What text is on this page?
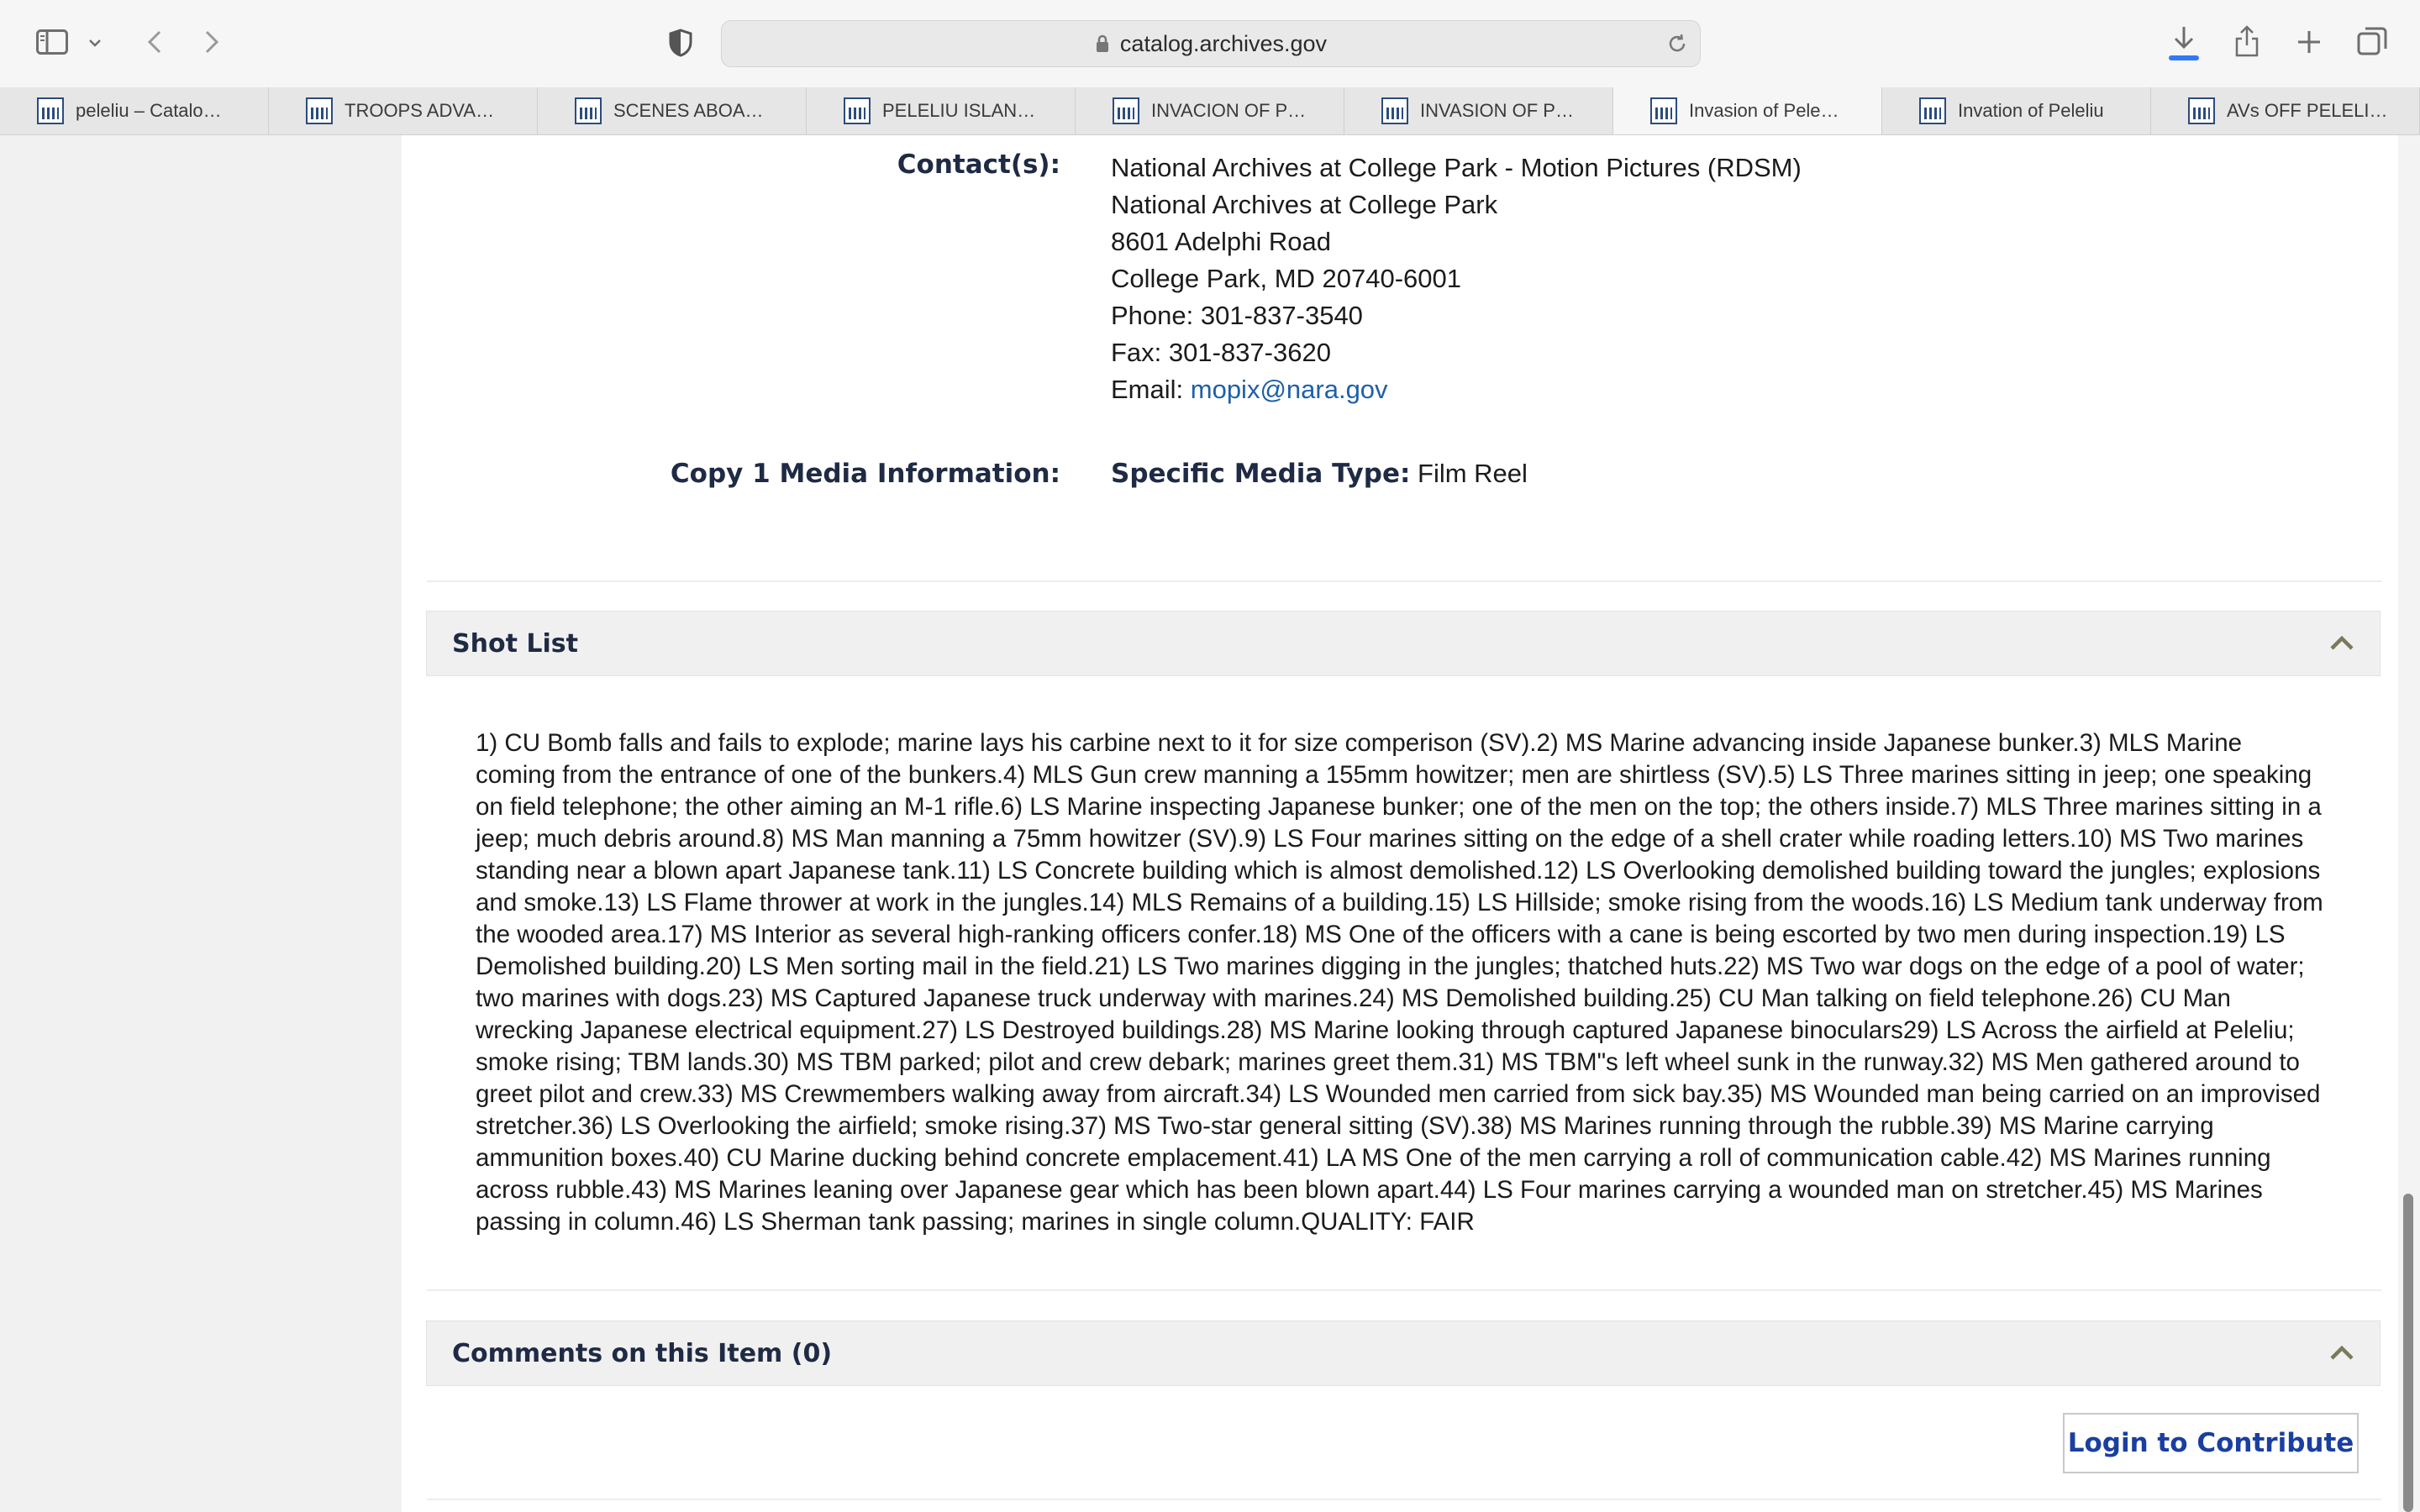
catalog.archives.gov
peleliu – Catalo…	TROOPS ADVA…	SCENES ABOA…	PELELIU ISLAN…	INVACION OF P…	INVASION OF P…	Invasion of Pele…	Invation of Peleliu	AVs OFF PELELI…
Contact(s): National Archives at College Park - Motion Pictures (RDSM)
National Archives at College Park
8601 Adelphi Road
College Park, MD 20740-6001
Phone: 301-837-3540
Fax: 301-837-3620
Email: mopix@nara.gov
Copy 1 Media Information: Specific Media Type: Film Reel
Shot List
1) CU Bomb falls and fails to explode; marine lays his carbine next to it for size comperison (SV).2) MS Marine advancing inside Japanese bunker.3) MLS Marine coming from the entrance of one of the bunkers.4) MLS Gun crew manning a 155mm howitzer; men are shirtless (SV).5) LS Three marines sitting in jeep; one speaking on field telephone; the other aiming an M-1 rifle.6) LS Marine inspecting Japanese bunker; one of the men on the top; the others inside.7) MLS Three marines sitting in a jeep; much debris around.8) MS Man manning a 75mm howitzer (SV).9) LS Four marines sitting on the edge of a shell crater while roading letters.10) MS Two marines standing near a blown apart Japanese tank.11) LS Concrete building which is almost demolished.12) LS Overlooking demolished building toward the jungles; explosions and smoke.13) LS Flame thrower at work in the jungles.14) MLS Remains of a building.15) LS Hillside; smoke rising from the woods.16) LS Medium tank underway from the wooded area.17) MS Interior as several high-ranking officers confer.18) MS One of the officers with a cane is being escorted by two men during inspection.19) LS Demolished building.20) LS Men sorting mail in the field.21) LS Two marines digging in the jungles; thatched huts.22) MS Two war dogs on the edge of a pool of water; two marines with dogs.23) MS Captured Japanese truck underway with marines.24) MS Demolished building.25) CU Man talking on field telephone.26) CU Man wrecking Japanese electrical equipment.27) LS Destroyed buildings.28) MS Marine looking through captured Japanese binoculars29) LS Across the airfield at Peleliu; smoke rising; TBM lands.30) MS TBM parked; pilot and crew debark; marines greet them.31) MS TBM"s left wheel sunk in the runway.32) MS Men gathered around to greet pilot and crew.33) MS Crewmembers walking away from aircraft.34) LS Wounded men carried from sick bay.35) MS Wounded man being carried on an improvised stretcher.36) LS Overlooking the airfield; smoke rising.37) MS Two-star general sitting (SV).38) MS Marines running through the rubble.39) MS Marine carrying ammunition boxes.40) CU Marine ducking behind concrete emplacement.41) LA MS One of the men carrying a roll of communication cable.42) MS Marines running across rubble.43) MS Marines leaning over Japanese gear which has been blown apart.44) LS Four marines carrying a wounded man on stretcher.45) MS Marines passing in column.46) LS Sherman tank passing; marines in single column.QUALITY: FAIR
Comments on this Item (0)
Login to Contribute
